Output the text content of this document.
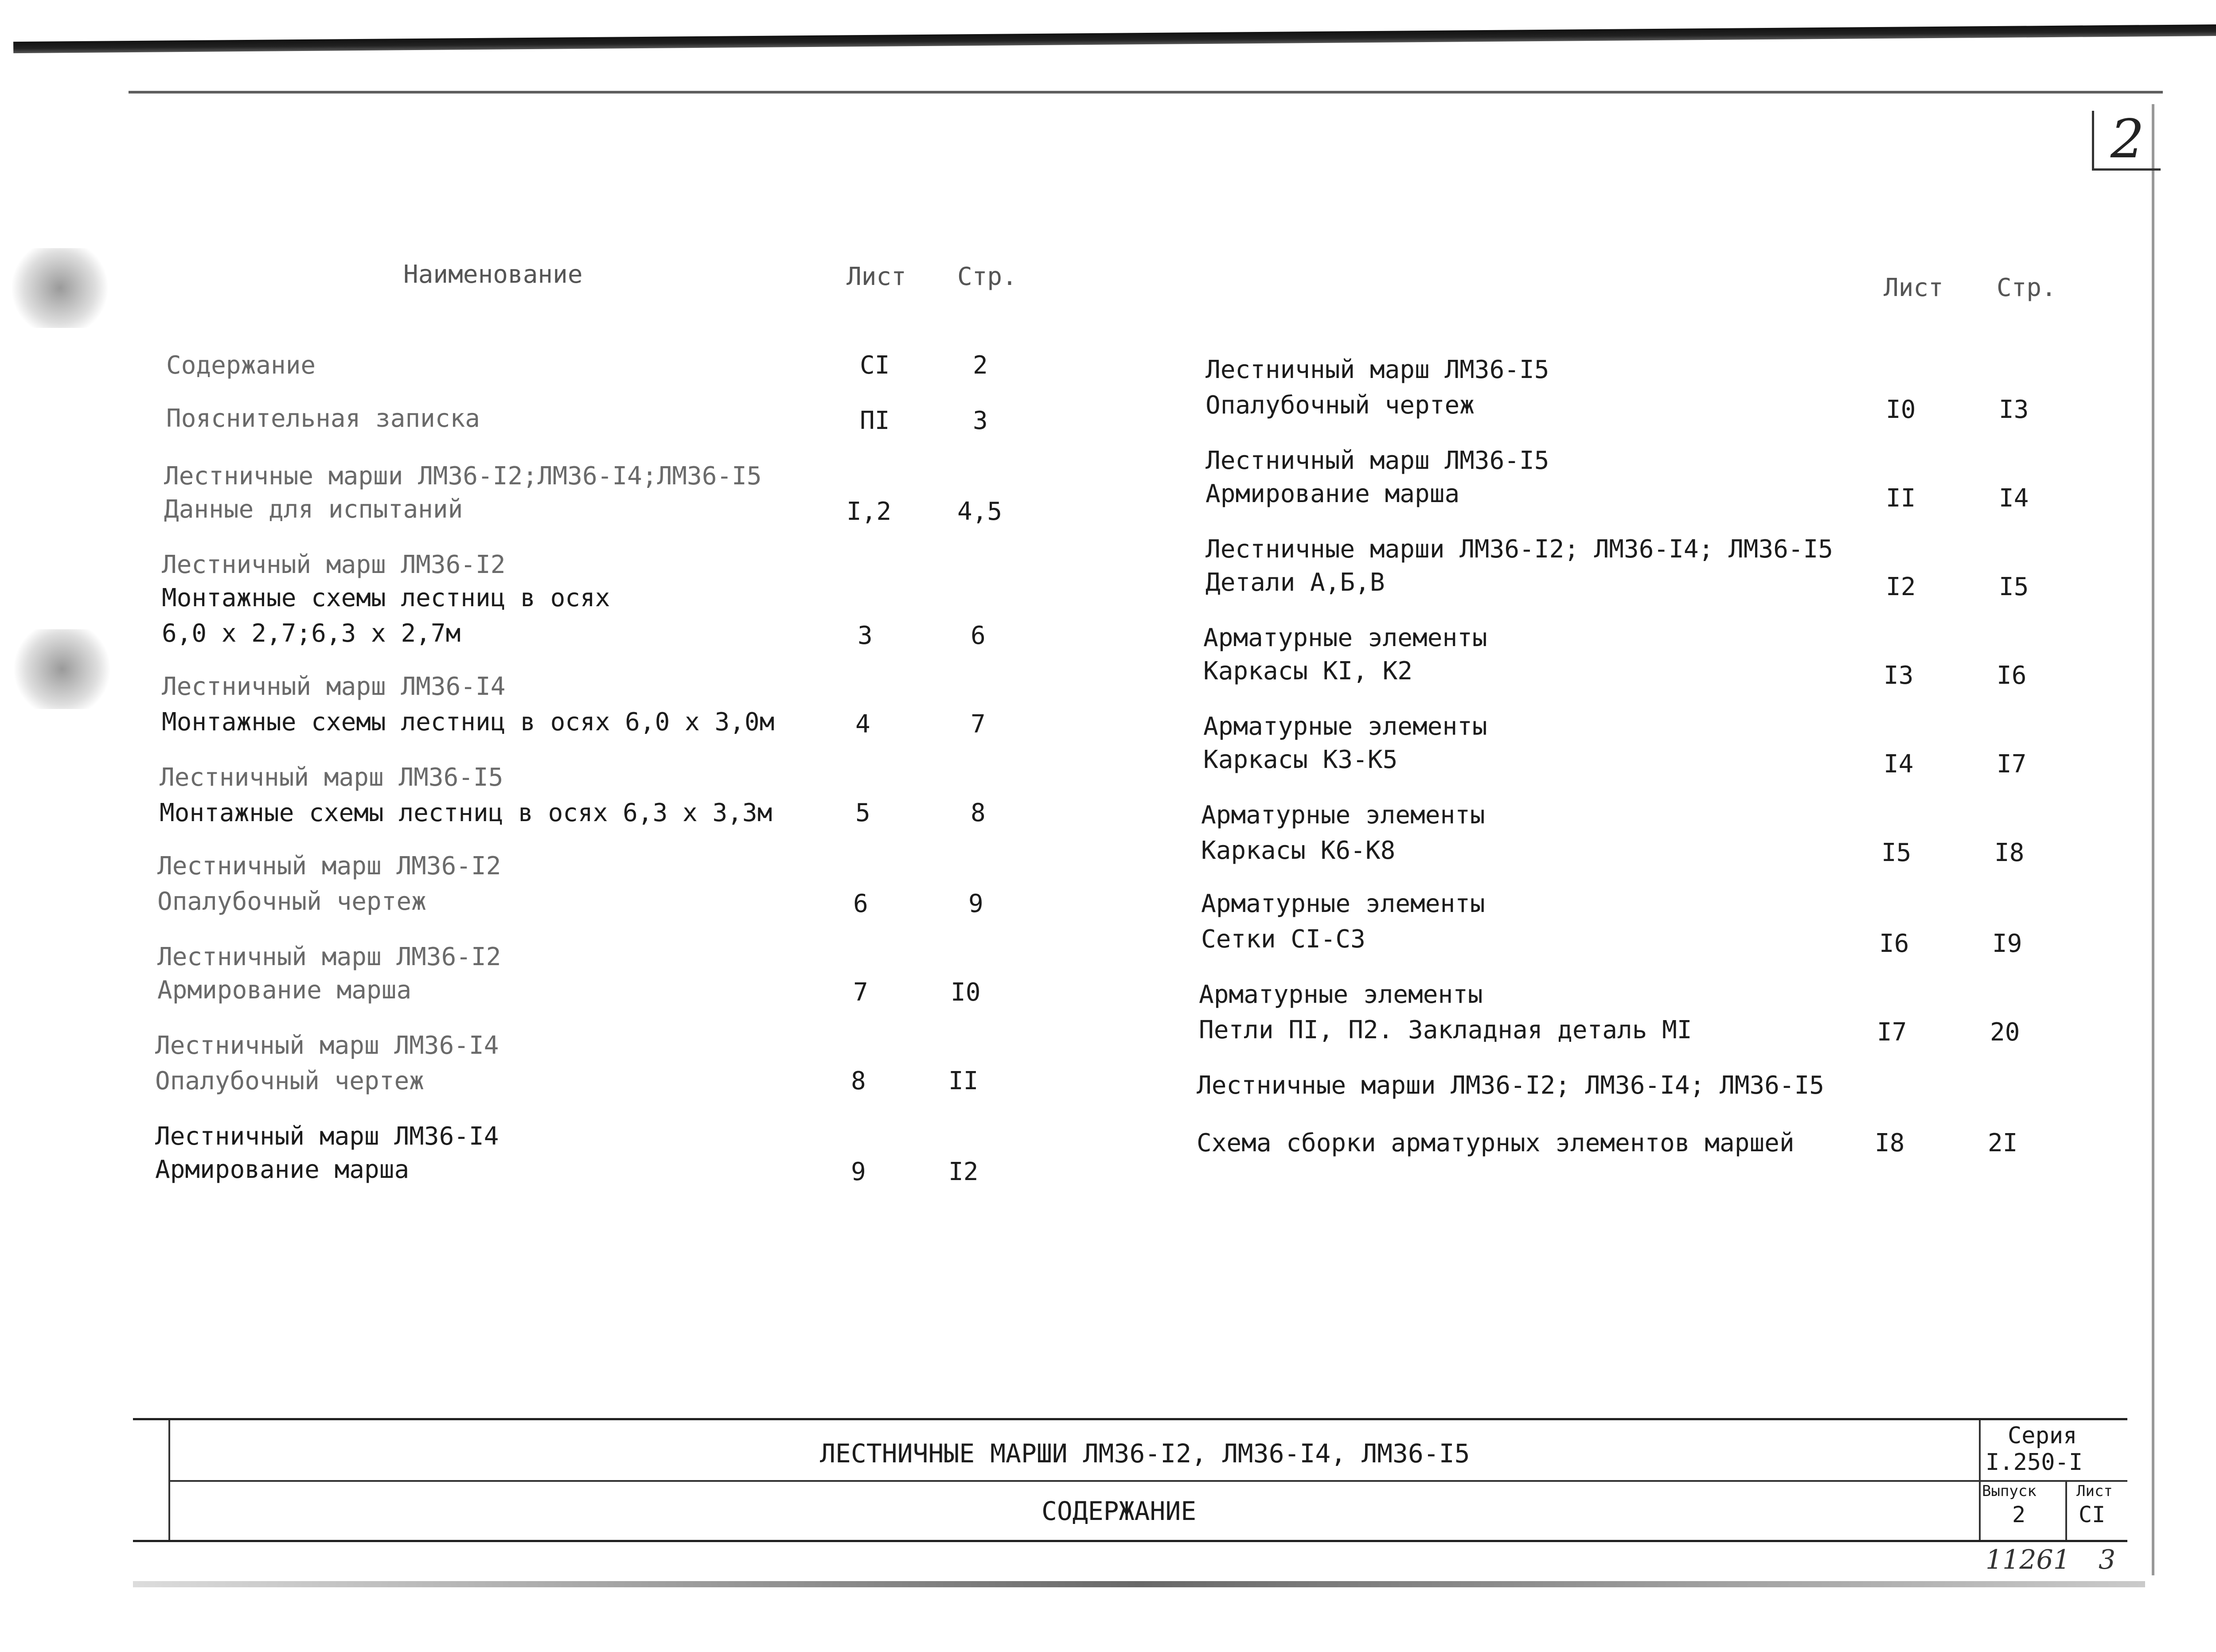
2
Наименование	Лист Стр.	Лист Стр.
Содержание	CI	2
Пояснительная записка	ПI	3
Лестничные марши ЛМ36-I2;ЛМ36-I4;ЛМ36-I5
Данные для испытаний	I,2	4,5
Лестничный марш ЛМ36-I2
Монтажные схемы лестниц в осях
6,0 х 2,7;6,3 х 2,7м	3	6
Лестничный марш ЛМ36-I4
Монтажные схемы лестниц в осях 6,0 х 3,0м	4	7
Лестничный марш ЛМ36-I5
Монтажные схемы лестниц в осях 6,3 х 3,3м	5	8
Лестничный марш ЛМ36-I2
Опалубочный чертеж	6	9
Лестничный марш ЛМ36-I2
Армирование марша	7	I0
Лестничный марш ЛМ36-I4
Опалубочный чертеж	8	II
Лестничный марш ЛМ36-I4
Армирование марша	9	I2
Лестничный марш ЛМ36-I5
Опалубочный чертеж	I0	I3
Лестничный марш ЛМ36-I5
Армирование марша	II	I4
Лестничные марши ЛМ36-I2; ЛМ36-I4; ЛМ36-I5
Детали А,Б,В	I2	I5
Арматурные элементы
Каркасы КI, К2	I3	I6
Арматурные элементы
Каркасы К3-К5	I4	I7
Арматурные элементы
Каркасы К6-К8	I5	I8
Арматурные элементы
Сетки СI-С3	I6	I9
Арматурные элементы
Петли ПI, П2. Закладная деталь МI	I7	20
Лестничные марши ЛМ36-I2; ЛМ36-I4; ЛМ36-I5
Схема сборки арматурных элементов маршей	I8	2I
ЛЕСТНИЧНЫЕ МАРШИ ЛМ36-I2, ЛМ36-I4, ЛМ36-I5
СОДЕРЖАНИЕ
Серия
I.250-I
Выпуск
2
Лист
CI
11261 3
